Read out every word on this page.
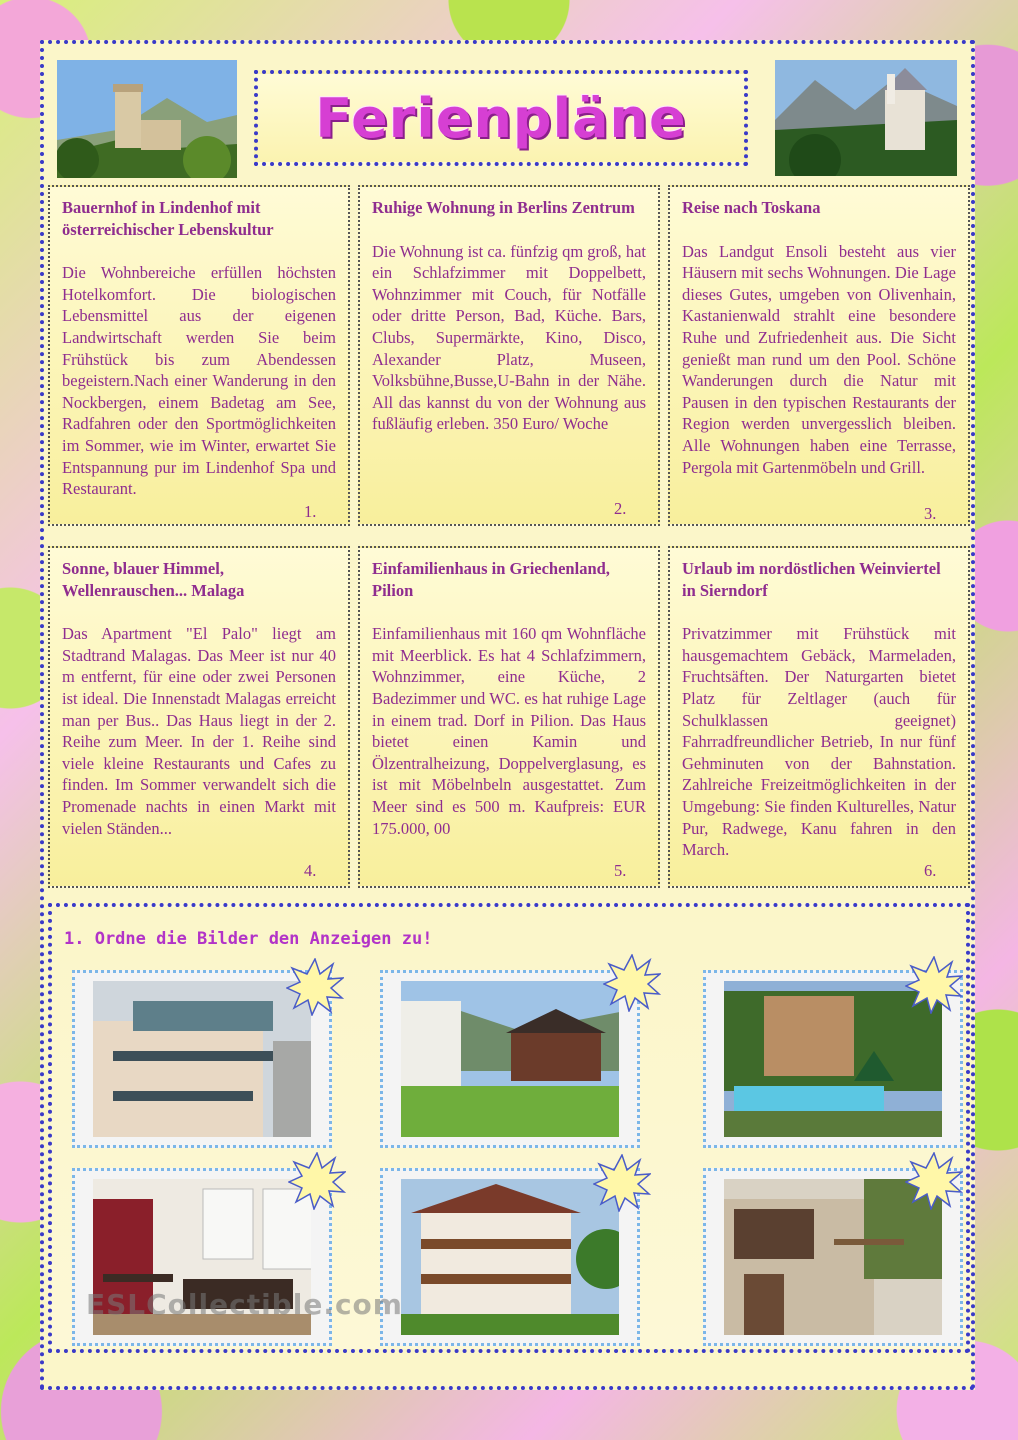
Ferienpläne
Bauernhof in Lindenhof mit österreichischer Lebenskultur

Die Wohnbereiche erfüllen höchsten Hotelkomfort. Die biologischen Lebensmittel aus der eigenen Landwirtschaft werden Sie beim Frühstück bis zum Abendessen begeistern.Nach einer Wanderung in den Nockbergen, einem Badetag am See, Radfahren oder den Sportmöglichkeiten im Sommer, wie im Winter, erwartet Sie Entspannung pur im Lindenhof Spa und Restaurant.

1.
Ruhige Wohnung in Berlins Zentrum

Die Wohnung ist ca. fünfzig qm groß, hat ein Schlafzimmer mit Doppelbett, Wohnzimmer mit Couch, für Notfälle oder dritte Person, Bad, Küche. Bars, Clubs, Supermärkte, Kino, Disco, Alexander Platz, Museen, Volksbühne,Busse,U-Bahn in der Nähe. All das kannst du von der Wohnung aus fußläufig erleben. 350 Euro/ Woche

2.
Reise nach Toskana

Das Landgut Ensoli besteht aus vier Häusern mit sechs Wohnungen. Die Lage dieses Gutes, umgeben von Olivenhain, Kastanienwald strahlt eine besondere Ruhe und Zufriedenheit aus. Die Sicht genießt man rund um den Pool. Schöne Wanderungen durch die Natur mit Pausen in den typischen Restaurants der Region werden unvergesslich bleiben. Alle Wohnungen haben eine Terrasse, Pergola mit Gartenmöbeln und Grill.

3.
Sonne, blauer Himmel, Wellenrauschen... Malaga

Das Apartment "El Palo" liegt am Stadtrand Malagas. Das Meer ist nur 40 m entfernt, für eine oder zwei Personen ist ideal. Die Innenstadt Malagas erreicht man per Bus.. Das Haus liegt in der 2. Reihe zum Meer. In der 1. Reihe sind viele kleine Restaurants und Cafes zu finden. Im Sommer verwandelt sich die Promenade nachts in einen Markt mit vielen Ständen...

4.
Einfamilienhaus in Griechenland, Pilion

Einfamilienhaus mit 160 qm Wohnfläche mit Meerblick. Es hat 4 Schlafzimmern, Wohnzimmer, eine Küche, 2 Badezimmer und WC. es hat ruhige Lage in einem trad. Dorf in Pilion. Das Haus bietet einen Kamin und Ölzentralheizung, Doppelverglasung, es ist mit Möbelnbeln ausgestattet. Zum Meer sind es 500 m. Kaufpreis: EUR 175.000, 00

5.
Urlaub im nordöstlichen Weinviertel in Sierndorf

Privatzimmer mit Frühstück mit hausgemachtem Gebäck, Marmeladen, Fruchtsäften. Der Naturgarten bietet Platz für Zeltlager (auch für Schulklassen geeignet) Fahrradfreundlicher Betrieb, In nur fünf Gehminuten von der Bahnstation. Zahlreiche Freizeitmöglichkeiten in der Umgebung: Sie finden Kulturelles, Natur Pur, Radwege, Kanu fahren in den March.

6.
1. Ordne die Bilder den Anzeigen zu!
ESLCollectible.com
